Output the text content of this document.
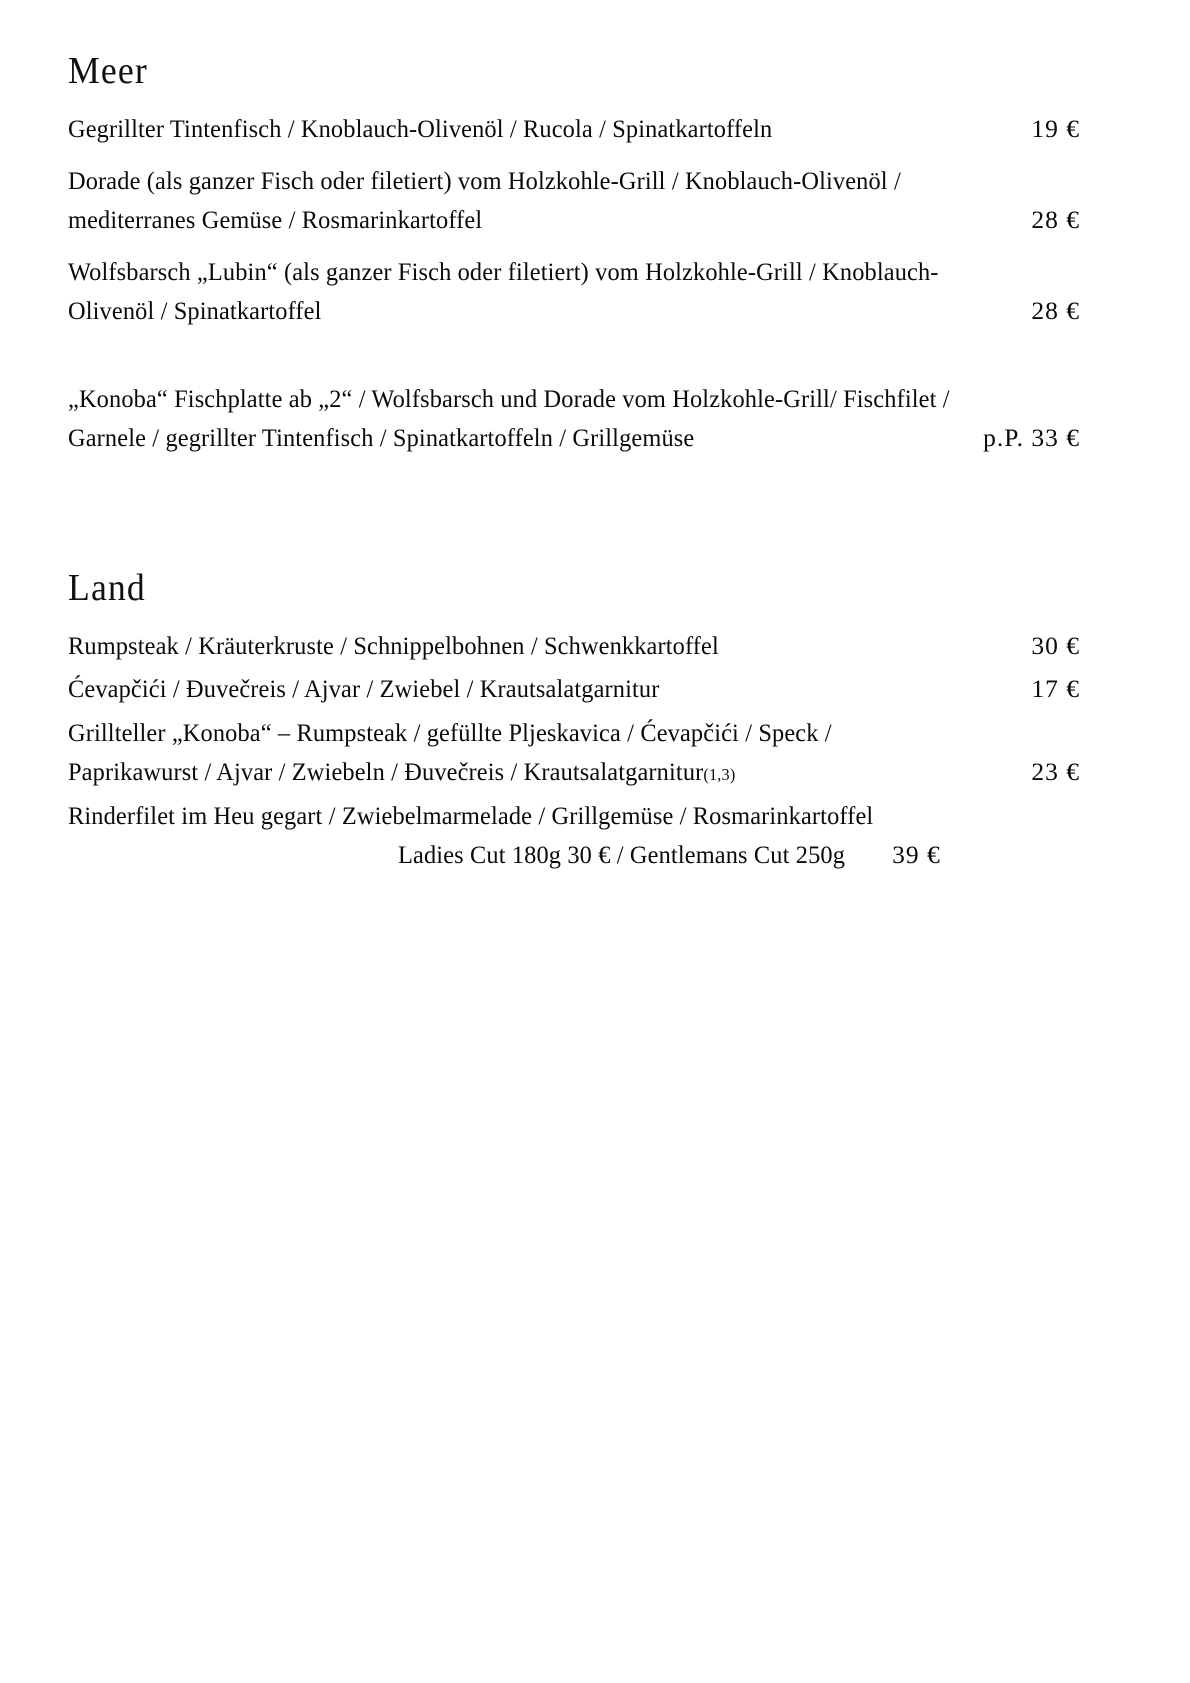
Meer
Gegrillter Tintenfisch / Knoblauch-Olivenöl / Rucola / Spinatkartoffeln	19 €
Dorade (als ganzer Fisch oder filetiert) vom Holzkohle-Grill / Knoblauch-Olivenöl /
mediterranes Gemüse / Rosmarinkartoffel	28 €
Wolfsbarsch „Lubin“ (als ganzer Fisch oder filetiert) vom Holzkohle-Grill / Knoblauch-
Olivenöl / Spinatkartoffel	28 €
„Konoba“ Fischplatte ab „2“ / Wolfsbarsch und Dorade vom Holzkohle-Grill/ Fischfilet /
Garnele / gegrillter Tintenfisch / Spinatkartoffeln / Grillgemüse	p.P. 33 €
Land
Rumpsteak / Kräuterkruste / Schnippelbohnen / Schwenkkartoffel	30 €
Ćevapčići / Đuvečreis / Ajvar / Zwiebel / Krautsalatgarnitur	17 €
Grillteller „Konoba“ – Rumpsteak / gefüllte Pljeskavica / Ćevapčići / Speck /
Paprikawurst / Ajvar / Zwiebeln / Đuvečreis / Krautsalatgarnitur(1,3)	23 €
Rinderfilet im Heu gegart / Zwiebelmarmelade / Grillgemüse / Rosmarinkartoffel
Ladies Cut 180g 30 € / Gentlemans Cut 250g	39 €
